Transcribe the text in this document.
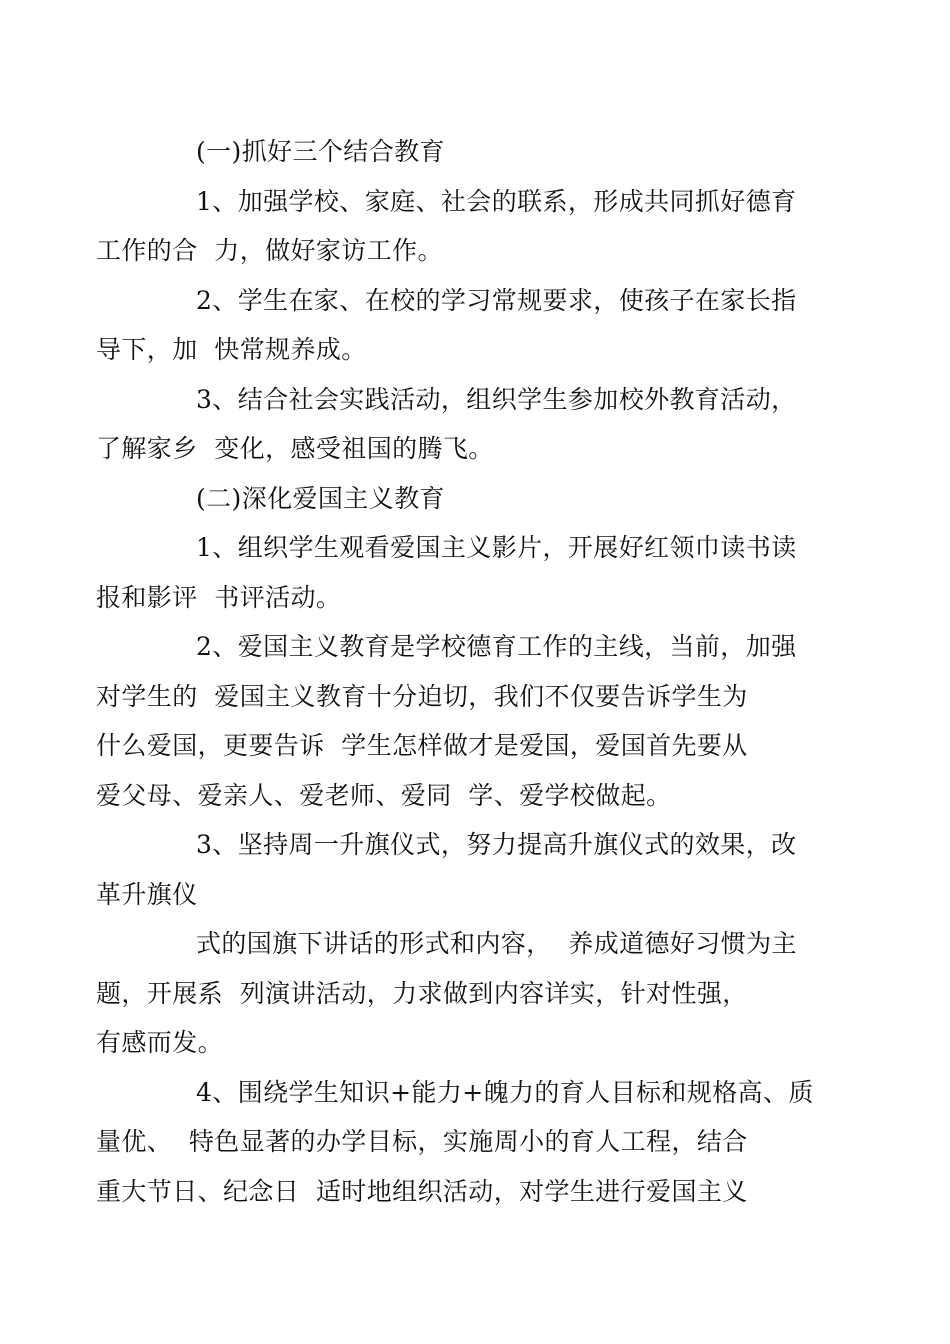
(一)抓好三个结合教育

1、加强学校、家庭、社会的联系，形成共同抓好德育
工作的合  力，做好家访工作。

2、学生在家、在校的学习常规要求，使孩子在家长指
导下，加  快常规养成。

3、结合社会实践活动，组织学生参加校外教育活动，
了解家乡  变化，感受祖国的腾飞。

(二)深化爱国主义教育

1、组织学生观看爱国主义影片，开展好红领巾读书读
报和影评  书评活动。

2、爱国主义教育是学校德育工作的主线，当前，加强
对学生的  爱国主义教育十分迫切，我们不仅要告诉学生为
什么爱国，更要告诉  学生怎样做才是爱国，爱国首先要从
爱父母、爱亲人、爱老师、爱同  学、爱学校做起。

3、坚持周一升旗仪式，努力提高升旗仪式的效果，改
革升旗仪

式的国旗下讲话的形式和内容，  养成道德好习惯为主
题，开展系  列演讲活动，力求做到内容详实，针对性强，
有感而发。

4、围绕学生知识+能力+魄力的育人目标和规格高、质
量优、  特色显著的办学目标，实施周小的育人工程，结合
重大节日、纪念日  适时地组织活动，对学生进行爱国主义
